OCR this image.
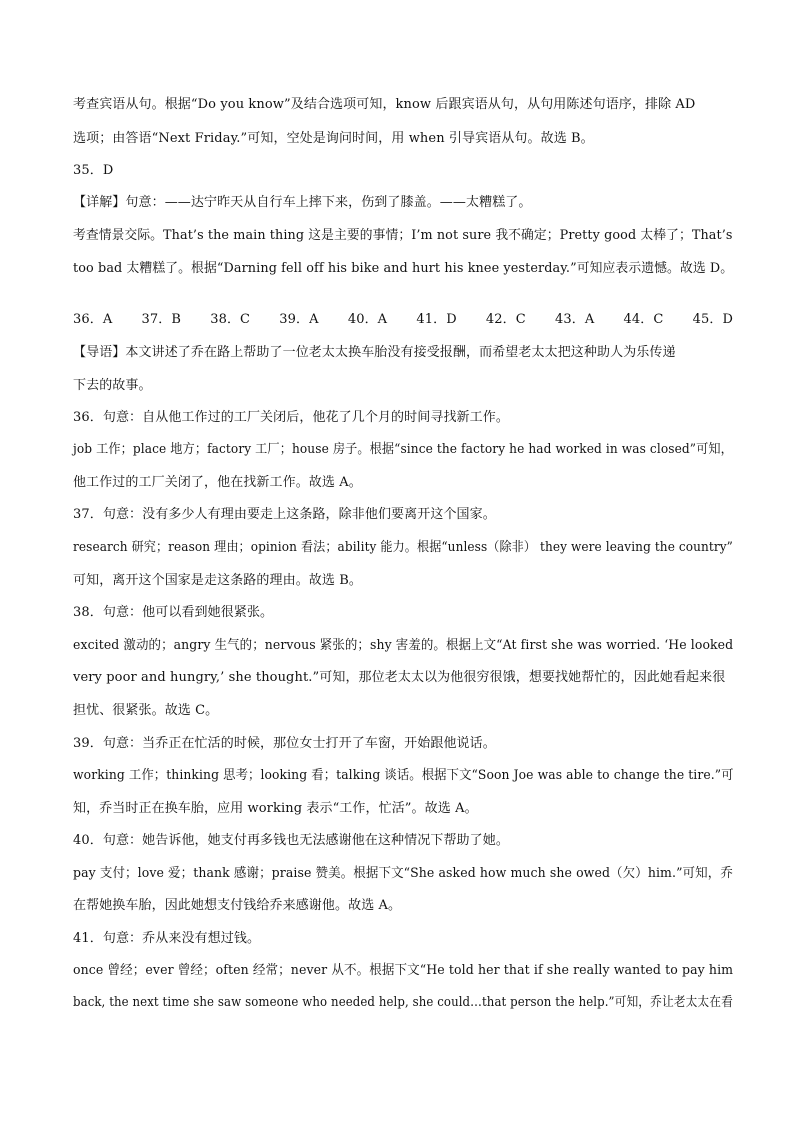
考查宾语从句。根据“Do you know”及结合选项可知，know 后跟宾语从句，从句用陈述句语序，排除 AD
选项；由答语“Next Friday.”可知，空处是询问时间，用 when 引导宾语从句。故选 B。
35．D
【详解】句意：——达宁昨天从自行车上摔下来，伤到了膝盖。——太糟糕了。
考查情景交际。That’s the main thing 这是主要的事情；I’m not sure 我不确定；Pretty good 太棒了；That’s
too bad 太糟糕了。根据“Darning fell off his bike and hurt his knee yesterday.”可知应表示遗憾。故选 D。
36．A 37．B 38．C 39．A 40．A 41．D 42．C 43．A 44．C 45．D
【导语】本文讲述了乔在路上帮助了一位老太太换车胎没有接受报酬，而希望老太太把这种助人为乐传递
下去的故事。
36．句意：自从他工作过的工厂关闭后，他花了几个月的时间寻找新工作。
job 工作；place 地方；factory 工厂；house 房子。根据“since the factory he had worked in was closed”可知，
他工作过的工厂关闭了，他在找新工作。故选 A。
37．句意：没有多少人有理由要走上这条路，除非他们要离开这个国家。
research 研究；reason 理由；opinion 看法；ability 能力。根据“unless（除非） they were leaving the country”
可知，离开这个国家是走这条路的理由。故选 B。
38．句意：他可以看到她很紧张。
excited 激动的；angry 生气的；nervous 紧张的；shy 害羞的。根据上文“At first she was worried. ‘He looked
very poor and hungry,’ she thought.”可知，那位老太太以为他很穷很饿，想要找她帮忙的，因此她看起来很
担忧、很紧张。故选 C。
39．句意：当乔正在忙活的时候，那位女士打开了车窗，开始跟他说话。
working 工作；thinking 思考；looking 看；talking 谈话。根据下文“Soon Joe was able to change the tire.”可
知，乔当时正在换车胎，应用 working 表示“工作，忙活”。故选 A。
40．句意：她告诉他，她支付再多钱也无法感谢他在这种情况下帮助了她。
pay 支付；love 爱；thank 感谢；praise 赞美。根据下文“She asked how much she owed（欠）him.”可知，乔
在帮她换车胎，因此她想支付钱给乔来感谢他。故选 A。
41．句意：乔从来没有想过钱。
once 曾经；ever 曾经；often 经常；never 从不。根据下文“He told her that if she really wanted to pay him
back, the next time she saw someone who needed help, she could…that person the help.”可知，乔让老太太在看
